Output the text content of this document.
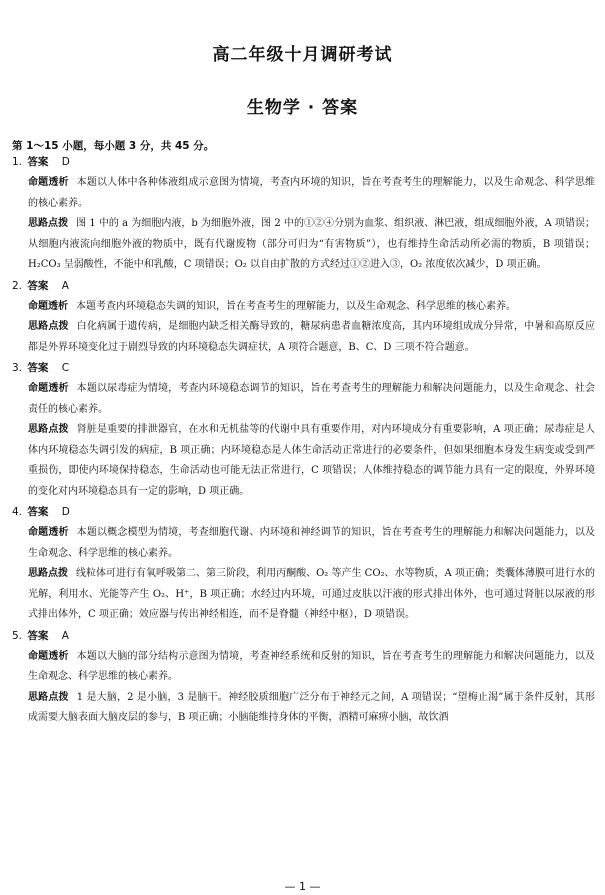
高二年级十月调研考试
生物学 · 答案
第 1～15 小题，每小题 3 分，共 45 分。
1. 答案 D

命题透析 本题以人体中各种体液组成示意图为情境，考查内环境的知识，旨在考查考生的理解能力，以及生命观念、科学思维的核心素养。

思路点拨 图 1 中的 a 为细胞内液，b 为细胞外液，图 2 中的①②④分别为血浆、组织液、淋巴液，组成细胞外液，A 项错误；从细胞内液流向细胞外液的物质中，既有代谢废物（部分可归为“有害物质”），也有维持生命活动所必需的物质，B 项错误；H₂CO₃ 呈弱酸性，不能中和乳酸，C 项错误；O₂ 以自由扩散的方式经过①②进入③，O₂ 浓度依次减少，D 项正确。

2. 答案 A

命题透析 本题考查内环境稳态失调的知识，旨在考查考生的理解能力，以及生命观念、科学思维的核心素养。

思路点拨 白化病属于遗传病，是细胞内缺乏相关酶导致的，糖尿病患者血糖浓度高，其内环境组成成分异常，中暑和高原反应都是外界环境变化过于剧烈导致的内环境稳态失调症状，A 项符合题意，B、C、D 三项不符合题意。

3. 答案 C

命题透析 本题以尿毒症为情境，考查内环境稳态调节的知识，旨在考查考生的理解能力和解决问题能力，以及生命观念、社会责任的核心素养。

思路点拨 肾脏是重要的排泄器官，在水和无机盐等的代谢中具有重要作用，对内环境成分有重要影响，A 项正确；尿毒症是人体内环境稳态失调引发的病症，B 项正确；内环境稳态是人体生命活动正常进行的必要条件，但如果细胞本身发生病变或受到严重损伤，即使内环境保持稳态，生命活动也可能无法正常进行，C 项错误；人体维持稳态的调节能力具有一定的限度，外界环境的变化对内环境稳态具有一定的影响，D 项正确。

4. 答案 D

命题透析 本题以概念模型为情境，考查细胞代谢、内环境和神经调节的知识，旨在考查考生的理解能力和解决问题能力，以及生命观念、科学思维的核心素养。

思路点拨 线粒体可进行有氧呼吸第二、第三阶段，利用丙酮酸、O₂ 等产生 CO₂、水等物质，A 项正确；类囊体薄膜可进行水的光解，利用水、光能等产生 O₂、H⁺，B 项正确；水经过内环境，可通过皮肤以汗液的形式排出体外，也可通过肾脏以尿液的形式排出体外，C 项正确；效应器与传出神经相连，而不是脊髓（神经中枢），D 项错误。

5. 答案 A

命题透析 本题以大脑的部分结构示意图为情境，考查神经系统和反射的知识，旨在考查考生的理解能力和解决问题能力，以及生命观念、科学思维的核心素养。

思路点拨 1 是大脑，2 是小脑，3 是脑干。神经胶质细胞广泛分布于神经元之间，A 项错误；“望梅止渴”属于条件反射，其形成需要大脑表面大脑皮层的参与，B 项正确；小脑能维持身体的平衡，酒精可麻痹小脑，故饮酒

— 1 —
